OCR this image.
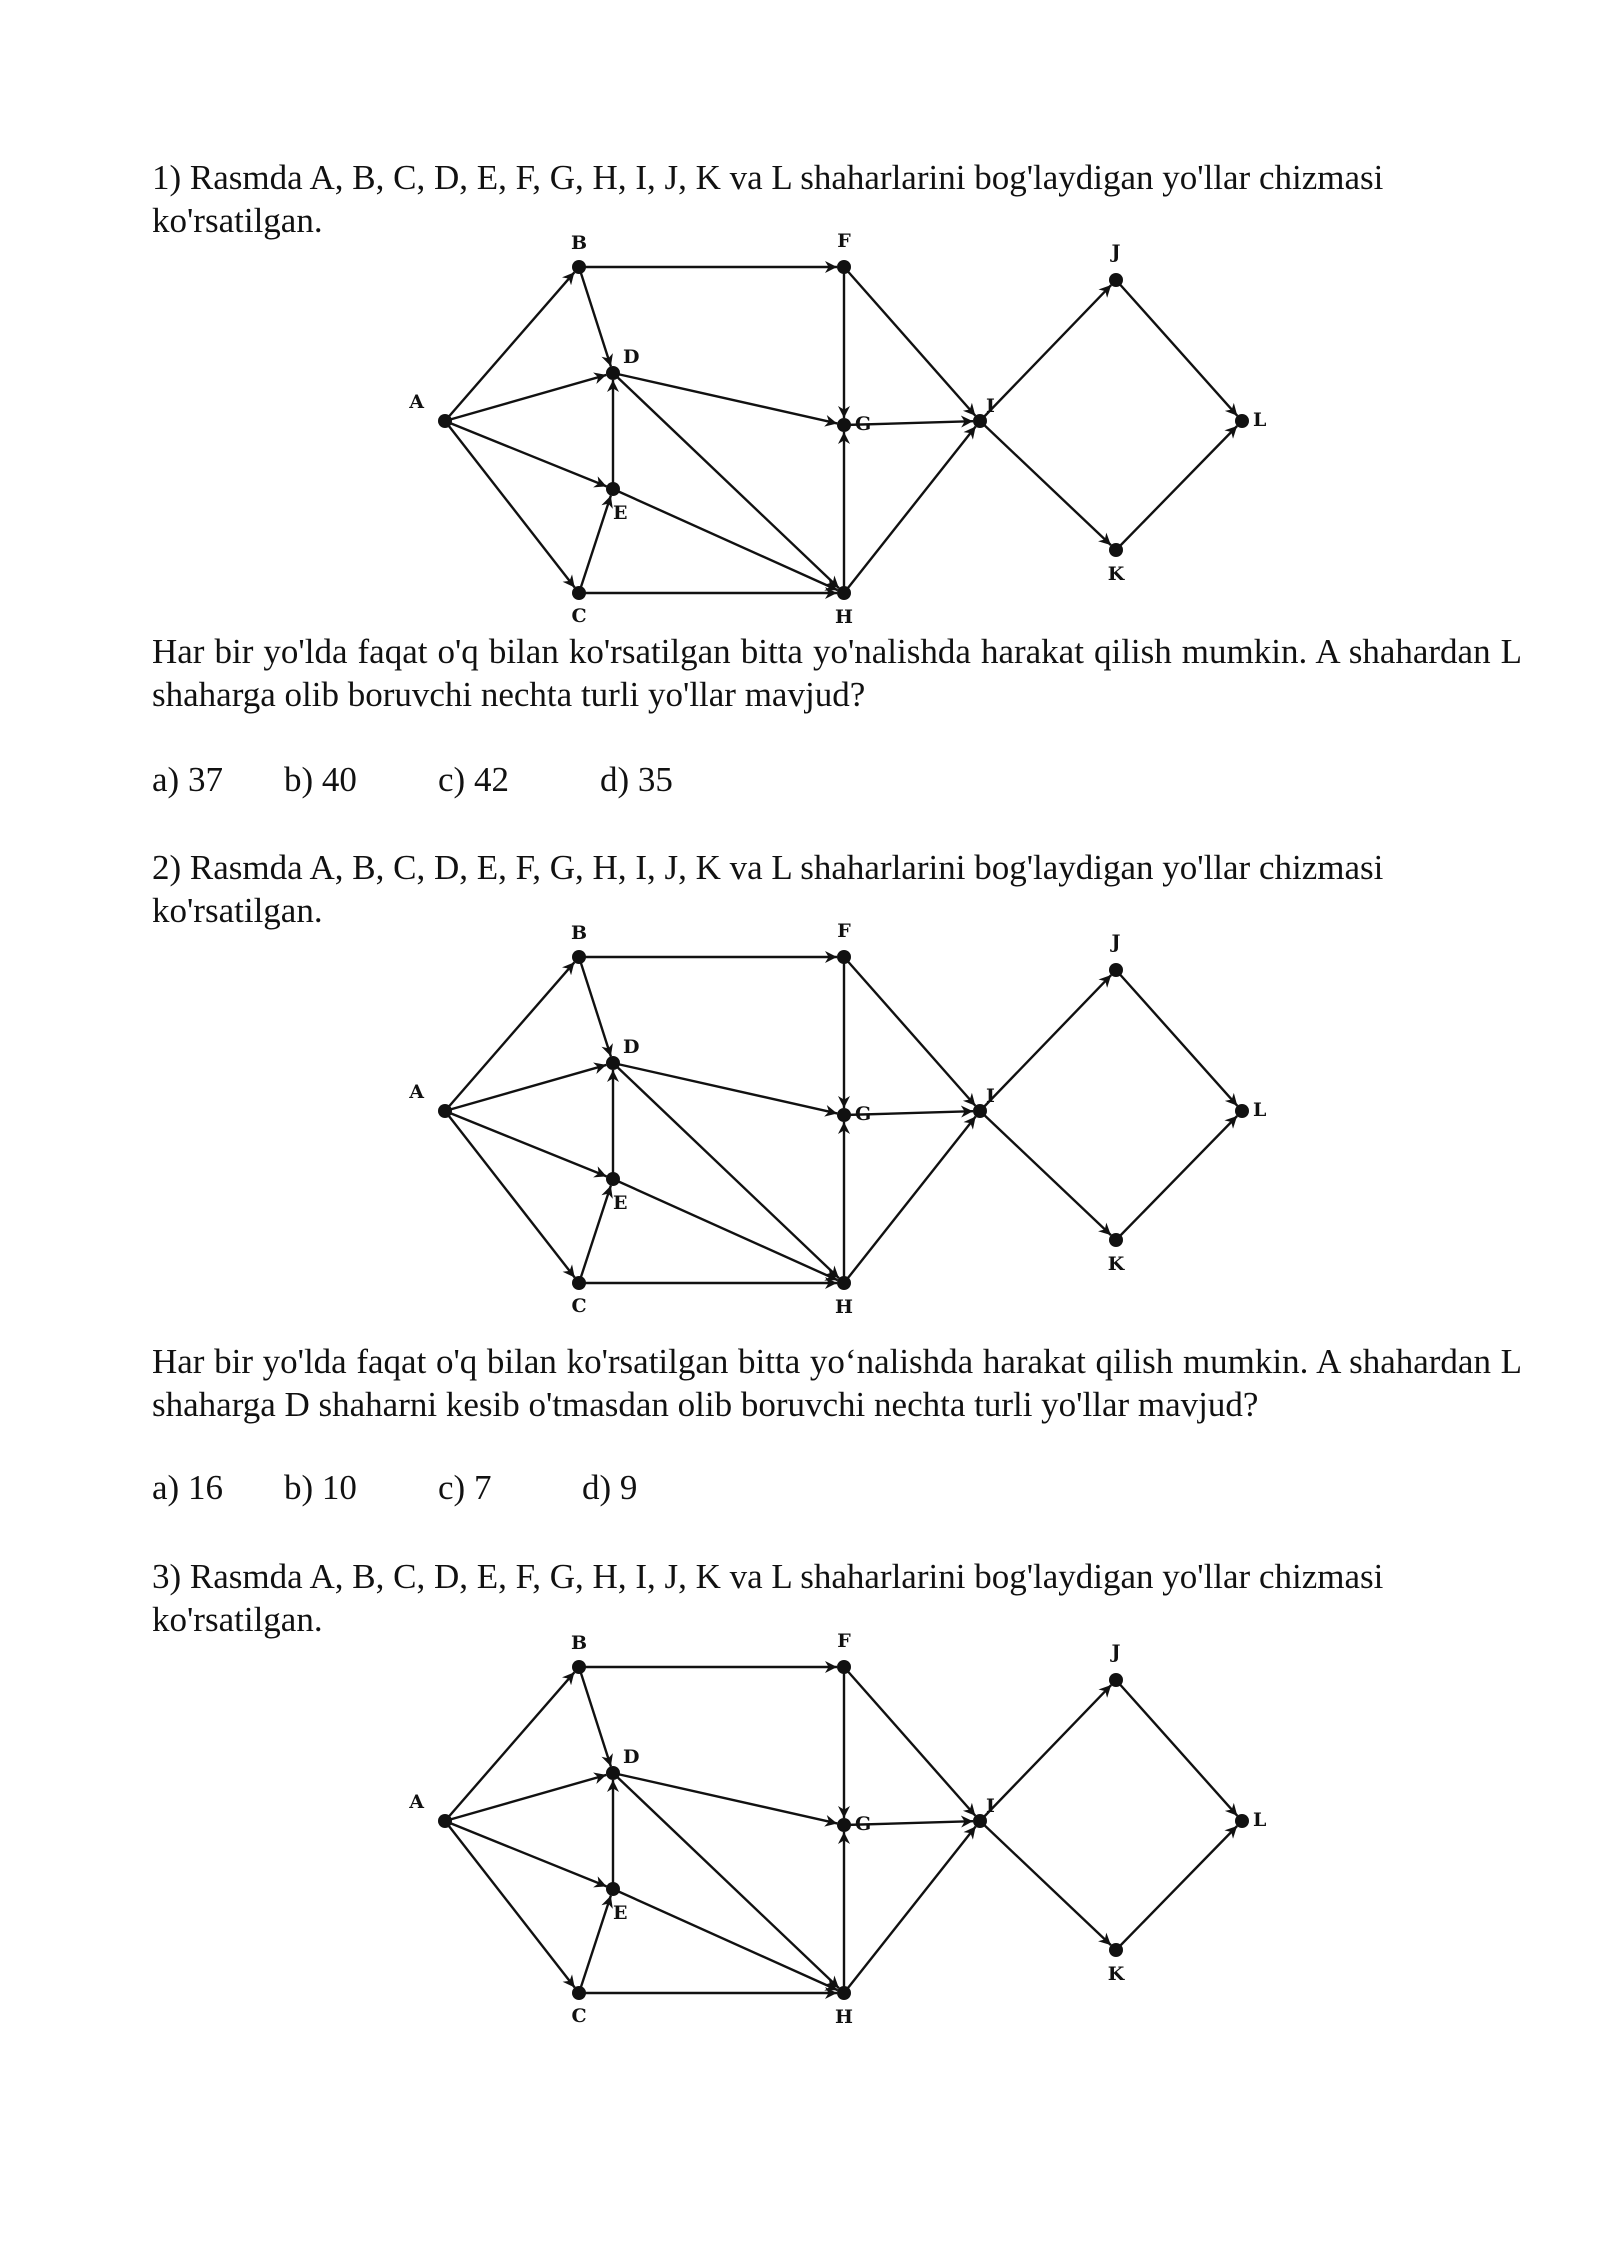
1) Rasmda A, B, C, D, E, F, G, H, I, J, K va L shaharlarini bog'laydigan yo'llar chizmasi ko'rsatilgan.

A
B
C
D
E
F
G
H
I
J
K
L

Har bir yo'lda faqat o'q bilan ko'rsatilgan bitta yo'nalishda harakat qilish mumkin. A shahardan L shaharga olib boruvchi nechta turli yo'llar mavjud?

a) 37 b) 40 c) 42	d) 35

2) Rasmda A, B, C, D, E, F, G, H, I, J, K va L shaharlarini bog'laydigan yo'llar chizmasi ko'rsatilgan.

A
B
C
D
E
F
G
H
I
J
K
L

Har bir yo'lda faqat o'q bilan ko'rsatilgan bitta yo‘nalishda harakat qilish mumkin. A shahardan L shaharga D shaharni kesib o'tmasdan olib boruvchi nechta turli yo'llar mavjud?

a) 16 b) 10 c) 7	d) 9

3) Rasmda A, B, C, D, E, F, G, H, I, J, K va L shaharlarini bog'laydigan yo'llar chizmasi ko'rsatilgan.

A
B
C
D
E
F
G
H
I
J
K
L
